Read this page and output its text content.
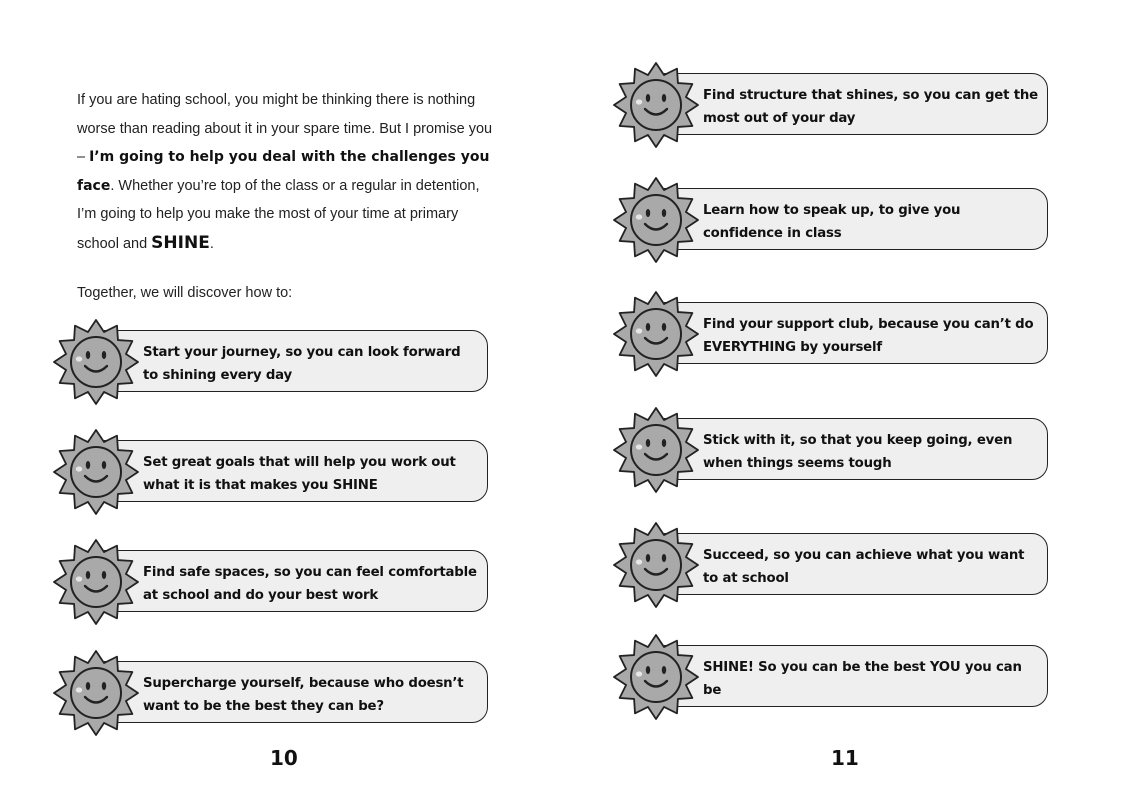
If you are hating school, you might be thinking there is nothing worse than reading about it in your spare time. But I promise you – I’m going to help you deal with the challenges you face. Whether you’re top of the class or a regular in detention, I’m going to help you make the most of your time at primary school and SHINE.

Together, we will discover how to:
Start your journey, so you can look forward to shining every day
Set great goals that will help you work out what it is that makes you SHINE
Find safe spaces, so you can feel comfortable at school and do your best work
Supercharge yourself, because who doesn’t want to be the best they can be?
10
Find structure that shines, so you can get the most out of your day
Learn how to speak up, to give you confidence in class
Find your support club, because you can’t do EVERYTHING by yourself
Stick with it, so that you keep going, even when things seems tough
Succeed, so you can achieve what you want to at school
SHINE! So you can be the best YOU you can be
11
